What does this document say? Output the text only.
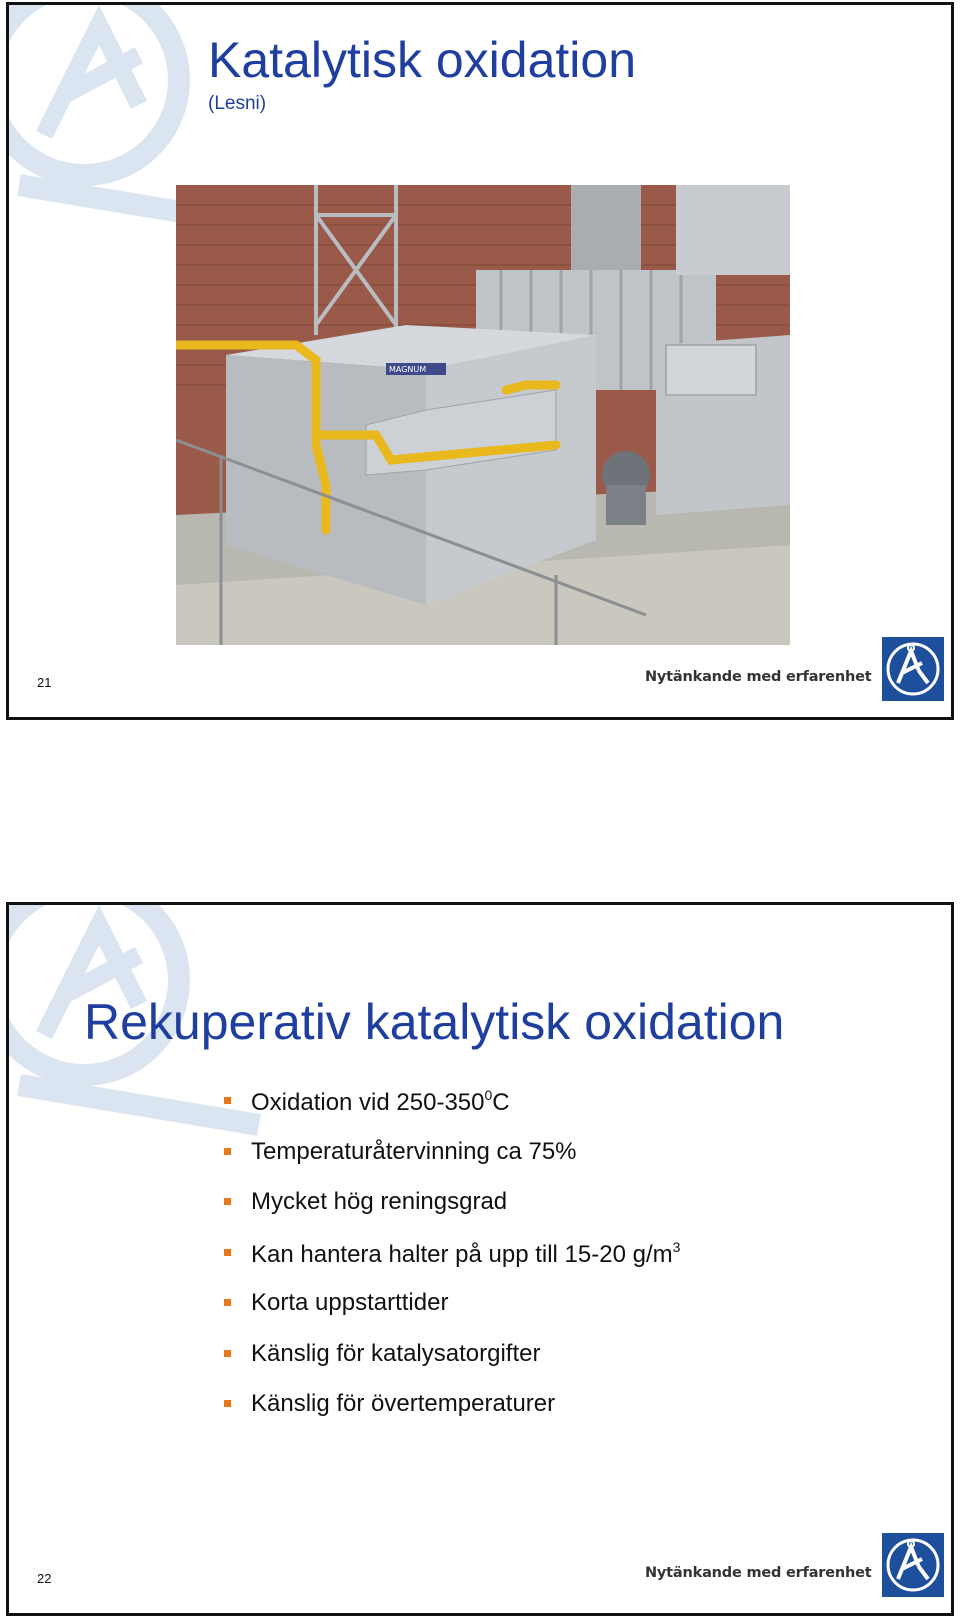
Katalytisk oxidation
(Lesni)
MAGNUM
21	Nytänkande med erfarenhet
Rekuperativ katalytisk oxidation
Oxidation vid $250-350^0C$
Temperaturåtervinning ca 75%
Mycket hög reningsgrad
Kan hantera halter på upp till 15-20 $g/m^3$
Korta uppstarttider
Känslig för katalysatorgifter
Känslig för övertemperaturer
22	Nytänkande med erfarenhet
